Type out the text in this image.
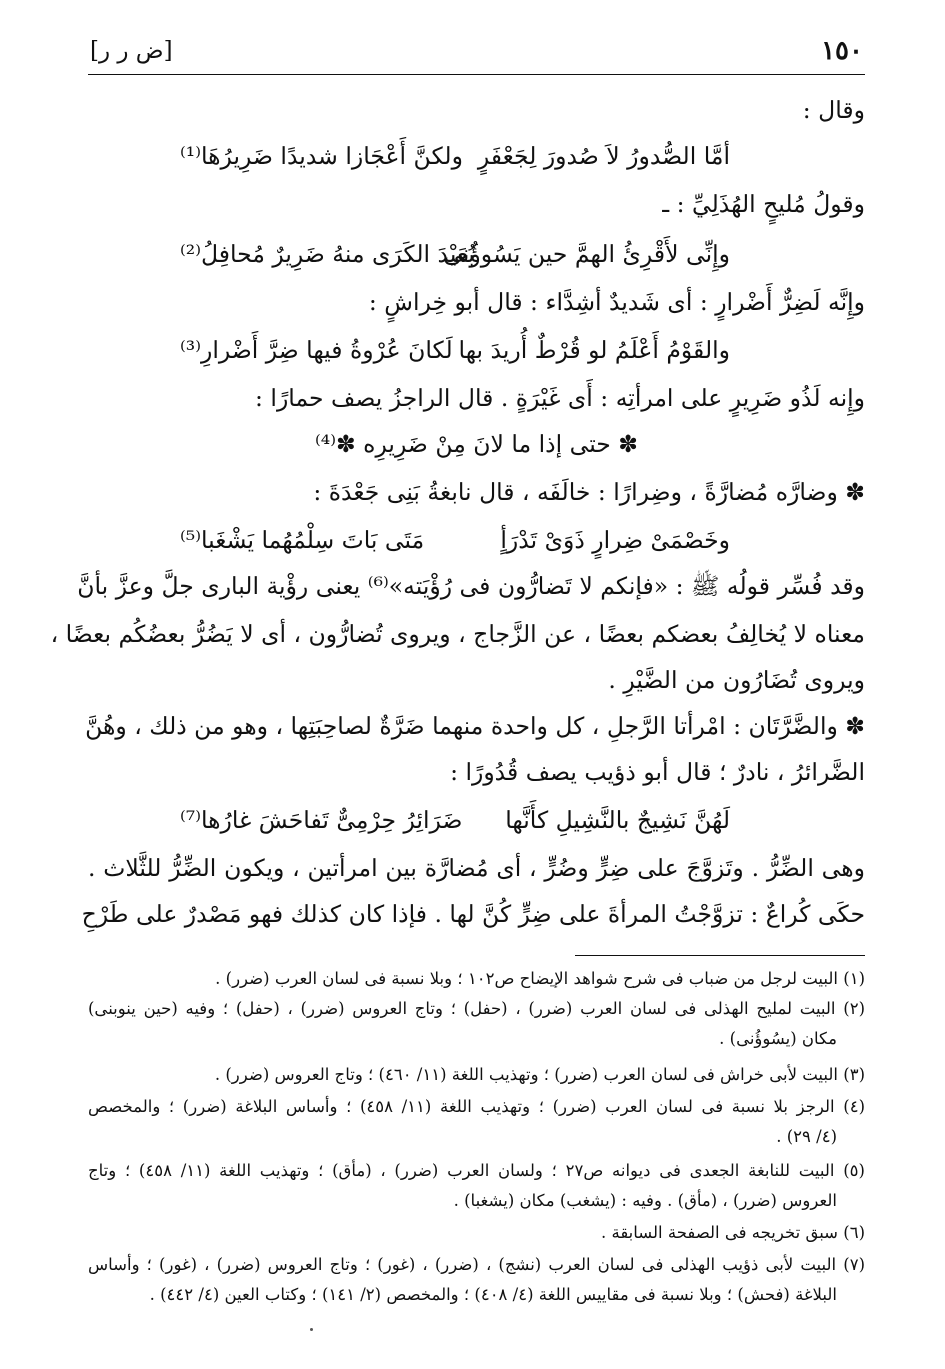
١٥٠
[ض ر ر]
وقال :
أمَّا الصُّدورُ لاَ صُدورَ لِجَعْفَرٍ
ولكنَّ أَعْجَازا شديدًا ضَرِيرُهَا⁽¹⁾
وقولُ مُليحٍ الهُذَلِيِّ : ـ
وإِنِّى لأَقْرِئُ الهمَّ حين يَسُوؤُنى
بُعَيْدَ الكَرَى منهُ ضَرِيرٌ مُحافِلُ⁽²⁾
وإِنَّه لَضِرٌّ أَضْرارٍ : أى شَديدٌ أشِدَّاء : قال أبو خِراشٍ :
والقَوْمُ أَعْلَمُ لو قُرْطٌ أُريدَ بها
لَكانَ عُرْوةُ فيها ضِرَّ أَضْرارِ⁽³⁾
وإِنه لَذُو ضَرِيرٍ على امرأتِه : أَى غَيْرَةٍ . قال الراجزُ يصف حمارًا :
✽ حتى إذا ما لانَ مِنْ ضَرِيرِه ✽⁽⁴⁾
✽ وضارَّه مُضارَّةً ، وضِرارًا : خالَفَه ، قال نابغةُ بَنِى جَعْدَةَ :
وخَصْمَىْ ضِرارٍ ذَوَىْ تَدْرَأٍ
مَتَى بَاتَ سِلْمُهُما يَشْغَبا⁽⁵⁾
وقد فُسِّر قولُه ﷺ : «فإنكم لا تَضارُّون فى رُؤْيَته»⁽⁶⁾ يعنى رؤْية البارى جلَّ وعزَّ بأنَّ
معناه لا يُخالِفُ بعضكم بعضًا ، عن الزَّجاج ، ويروى تُضارُّون ، أى لا يَضُرُّ بعضُكُم بعضًا ،
ويروى تُضَارُون من الضَّيْرِ .
✽ والضَّرَّتَان : امْرأتا الرَّجلِ ، كل واحدة منهما ضَرَّةٌ لصاحِبَتِها ، وهو من ذلك ، وهُنَّ
الضَّرائرُ ، نادرٌ ؛ قال أبو ذؤيب يصف قُدُورًا :
لَهُنَّ نَشِيجٌ بالنَّشِيلِ كأَنَّها
ضَرَائِرُ حِرْمِىٌّ تَفاحَشَ غارُها⁽⁷⁾
وهى الضِّرُّ . وتَزوَّجَ على ضِرٍّ وضُرٍّ ، أى مُضارَّة بين امرأتين ، ويكون الضِّرُّ للثَّلاث .
حكَى كُراعٌ : تزوَّجْتُ المرأةَ على ضِرٍّ كُنَّ لها . فإذا كان كذلك فهو مَصْدرٌ على طَرْحِ
(١) البيت لرجل من ضباب فى شرح شواهد الإيضاح ص١٠٢ ؛ وبلا نسبة فى لسان العرب (ضرر) .
(٢) البيت لمليح الهذلى فى لسان العرب (ضرر) ، (حفل) ؛ وتاج العروس (ضرر) ، (حفل) ؛ وفيه (حين ينوبنى)
مكان (يسُوؤُنى) .
(٣) البيت لأبى خراش فى لسان العرب (ضرر) ؛ وتهذيب اللغة (١١/ ٤٦٠) ؛ وتاج العروس (ضرر) .
(٤) الرجز بلا نسبة فى لسان العرب (ضرر) ؛ وتهذيب اللغة (١١/ ٤٥٨) ؛ وأساس البلاغة (ضرر) ؛ والمخصص
(٤/ ٢٩) .
(٥) البيت للنابغة الجعدى فى ديوانه ص٢٧ ؛ ولسان العرب (ضرر) ، (مأق) ؛ وتهذيب اللغة (١١/ ٤٥٨) ؛ وتاج
العروس (ضرر) ، (مأق) . وفيه : (يشغب) مكان (يشغبا) .
(٦) سبق تخريجه فى الصفحة السابقة .
(٧) البيت لأبى ذؤيب الهذلى فى لسان العرب (نشج) ، (ضرر) ، (غور) ؛ وتاج العروس (ضرر) ، (غور) ؛ وأساس
البلاغة (فحش) ؛ وبلا نسبة فى مقاييس اللغة (٤/ ٤٠٨) ؛ والمخصص (٢/ ١٤١) ؛ وكتاب العين (٤/ ٤٤٢) .
